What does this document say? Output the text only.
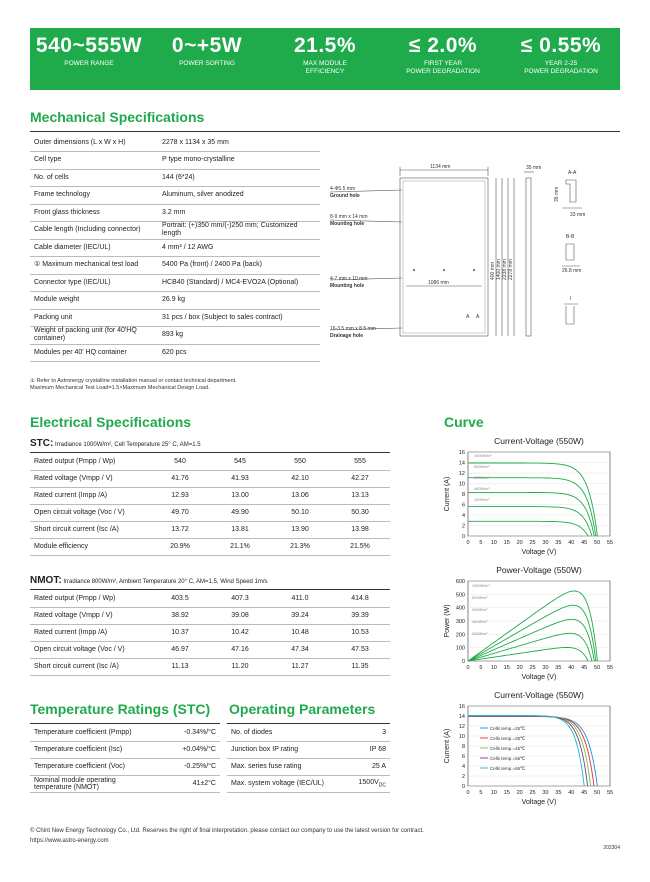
540~555W
POWER RANGE
0~+5W
POWER SORTING
21.5%
MAX MODULE
EFFICIENCY
≤ 2.0%
FIRST YEAR
POWER DEGRADATION
≤ 0.55%
YEAR 2-25
POWER DEGRADATION
Mechanical Specifications
Outer dimensions (L x W x H)	2278 x 1134 x 35 mm
Cell type	P type mono-crystalline
No. of cells	144 (6*24)
Frame technology	Aluminum, silver anodized
Front glass thickness	3.2 mm
Cable length (Including connector)	Portrait: (+)350 mm/(-)250 mm; Customized length
Cable diameter (IEC/UL)	4 mm² / 12 AWG
① Maximum mechanical test load	5400 Pa (front) / 2400 Pa (back)
Connector type (IEC/UL)	HCB40 (Standard) / MC4-EVO2A (Optional)
Module weight	26.9 kg
Packing unit	31 pcs / box (Subject to sales contract)
Weight of packing unit (for 40'HQ container)	893 kg
Modules per 40' HQ container	620 pcs
① Refer to Astronergy crystalline installation manual or contact technical department.
Maximum Mechanical Test Load=1.5×Maximum Mechanical Design Load.
1134 mm	35 mm
A-A
33 mm
B-B
26.8 mm
I
4-Φ5.5 mm
Ground hole
8-9 mm x 14 mm
Mounting hole
4-7 mm x 10 mm
Mounting hole
16-3.5 mm x 8.5 mm
Drainage hole
1086 mm
A A
400 mm 1400 mm 2238 mm 2278 mm
35 mm
Electrical Specifications
STC: Irradiance 1000W/m², Cell Temperature 25° C, AM=1.5
Rated output (Pmpp / Wp)	540	545	550	555
Rated voltage (Vmpp / V)	41.76	41.93	42.10	42.27
Rated current (Impp /A)	12.93	13.00	13.06	13.13
Open circuit voltage (Voc / V)	49.70	49.90	50.10	50.30
Short circuit current (Isc /A)	13.72	13.81	13.90	13.98
Module efficiency	20.9%	21.1%	21.3%	21.5%
NMOT: Irradiance 800W/m², Ambient Temperature 20° C, AM=1.5, Wind Speed 1m/s
Rated output (Pmpp / Wp)	403.5	407.3	411.0	414.8
Rated voltage (Vmpp / V)	38.92	39.08	39.24	39.39
Rated current (Impp /A)	10.37	10.42	10.48	10.53
Open circuit voltage (Voc / V)	46.97	47.16	47.34	47.53
Short circuit current (Isc /A)	11.13	11.20	11.27	11.35
Temperature Ratings (STC)
Temperature coefficient (Pmpp)	-0.34%/°C
Temperature coefficient (Isc)	+0.04%/°C
Temperature coefficient (Voc)	-0.25%/°C
Nominal module operating temperature (NMOT)	41±2°C
Operating Parameters
No. of diodes	3
Junction box IP rating	IP 68
Max. series fuse rating	25 A
Max. system voltage (IEC/UL)	$1500V_{DC}$
Curve
Current-Voltage (550W)
0 5 10 15 20 25 30 35 40 45 50 55
0
2
4
6
8
10
12
14
16
Voltage (V)
Current (A)
1000W/m²
800W/m²
600W/m²
400W/m²
200W/m²
Power-Voltage (550W)
0 5 10 15 20 25 30 35 40 45 50 55
0
100
200
300
400
500
600
Voltage (V)
Power (W)
1000W/m²
800W/m²
600W/m²
400W/m²
200W/m²
Current-Voltage (550W)
0 5 10 15 20 25 30 35 40 45 50 55
0
2
4
6
8
10
12
14
16
Voltage (V)
Current (A)
Cells temp.=25℃
Cells temp.=35℃
Cells temp.=45℃
Cells temp.=55℃
Cells temp.=65℃
© Chint New Energy Technology Co., Ltd. Reserves the right of final interpretation. please contact our company to use the latest version for contract.
https://www.astro-energy.com
202304
